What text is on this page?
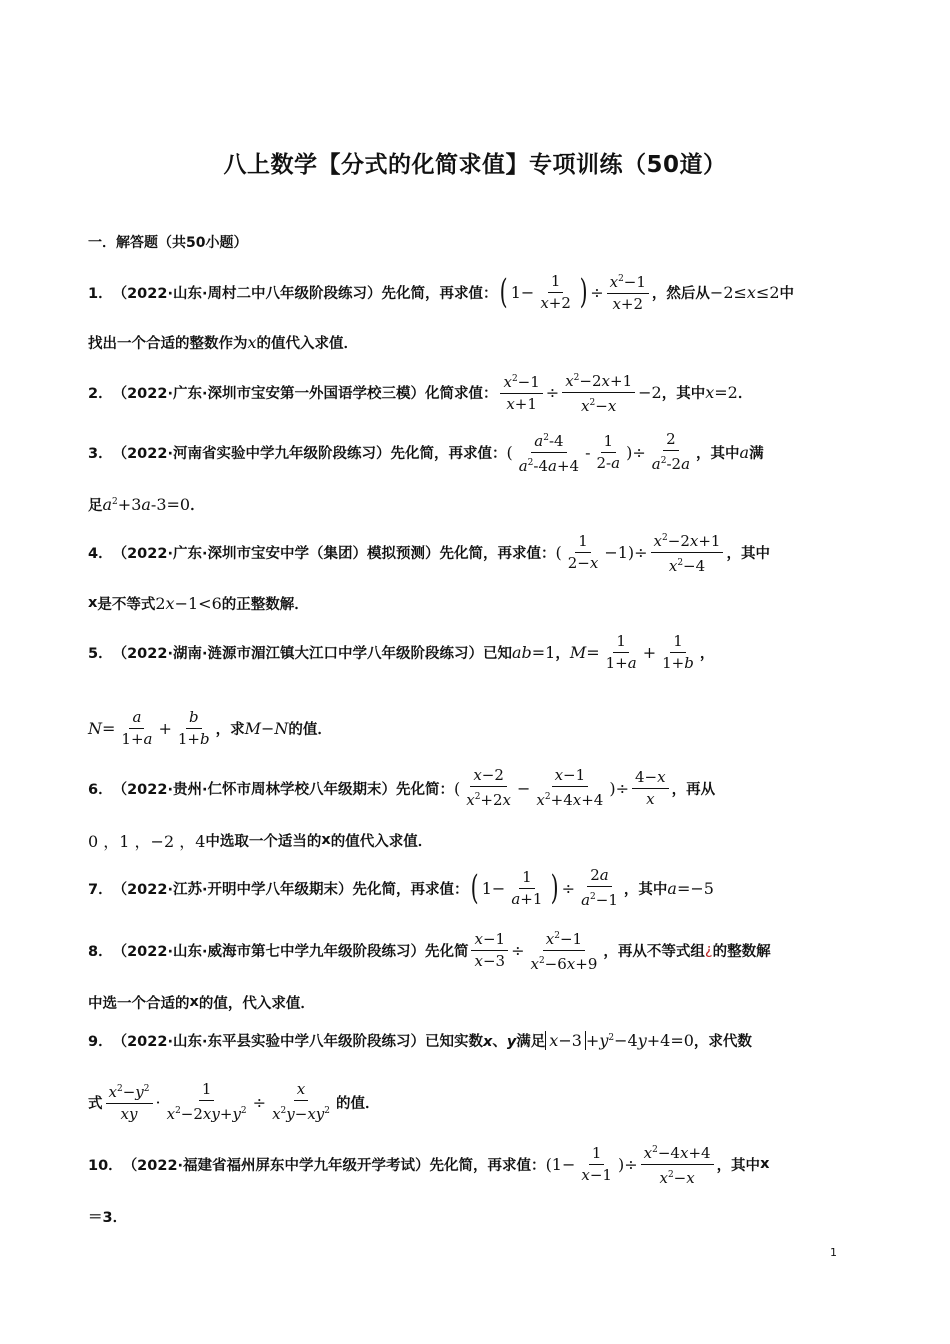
八上数学【分式的化简求值】专项训练（50道）
一．解答题（共50小题）
1． （2022·山东·周村二中八年级阶段练习）先化简，再求值： ( $1- \frac{1}{x+2}$ ) ÷ $\frac{x^2-1}{x+2}$ ，然后从 −2≤x≤2 中
找出一个合适的整数作为 x 的值代入求值．
2． （2022·广东·深圳市宝安第一外国语学校三模）化简求值： $\frac{x^2-1}{x+1} \div \frac{x^2-2x+1}{x^2-x} -2$ ，其中 x=2 ．
3． （2022·河南省实验中学九年级阶段练习）先化简，再求值： ( $\frac{a^2-4}{a^2-4a+4} - \frac{1}{2-a}$ )÷ $\frac{2}{a^2-2a}$ ，其中 a 满
足 $a^2+3a-3=0$ ．
4． （2022·广东·深圳市宝安中学（集团）模拟预测）先化简，再求值： ( $\frac{1}{2-x} -1)\div \frac{x^2-2x+1}{x^2-4}$ ，其中
x 是不等式 2x−1<6 的正整数解．
5． （2022·湖南·涟源市湄江镇大江口中学八年级阶段练习）已知 ab=1 ， $M= \frac{1}{1+a} + \frac{1}{1+b}$ ，
$N= \frac{a}{1+a} + \frac{b}{1+b}$ ，求 M−N 的值．
6． （2022·贵州·仁怀市周林学校八年级期末）先化简： ( $\frac{x-2}{x^2+2x} - \frac{x-1}{x^2+4x+4}$ )÷ $\frac{4-x}{x}$ ，再从
0 ，1 ，−2 ，4 中选取一个适当的 x 的值代入求值．
7． （2022·江苏·开明中学八年级期末）先化简，再求值： ( $1- \frac{1}{a+1}$ ) ÷ $\frac{2a}{a^2-1}$ ，其中 a=−5
8． （2022·山东·威海市第七中学九年级阶段练习）先化简 $\frac{x-1}{x-3} \div \frac{x^2-1}{x^2-6x+9}$ ，再从不等式组 ¿ 的整数解
中选一个合适的 x 的值，代入求值．
9． （2022·山东·东平县实验中学八年级阶段练习）已知实数 x、y 满足 $x-3 +y^2-4y+4=0$ ，求代数
式 $\frac{x^2-y^2}{xy} \cdot \frac{1}{x^2-2xy+y^2} \div \frac{x}{x^2y-xy^2}$ 的值．
10． （2022·福建省福州屏东中学九年级开学考试）先化简，再求值： ($1- \frac{1}{x-1}$ )÷ $\frac{x^2-4x+4}{x^2-x}$ ，其中 x
＝3．
1
